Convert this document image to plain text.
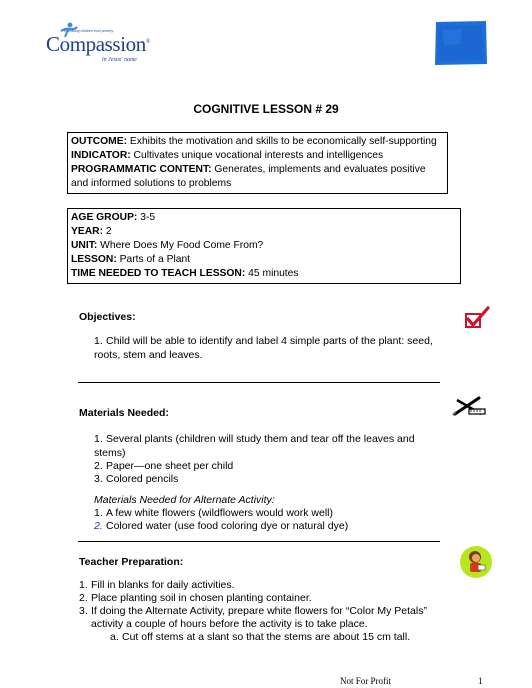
Releasing children from poverty
Compassion®
in Jesus' name
COGNITIVE LESSON # 29
OUTCOME: Exhibits the motivation and skills to be economically self-supporting
INDICATOR: Cultivates unique vocational interests and intelligences
PROGRAMMATIC CONTENT: Generates, implements and evaluates positive
and informed solutions to problems
AGE GROUP: 3-5
YEAR: 2
UNIT: Where Does My Food Come From?
LESSON: Parts of a Plant
TIME NEEDED TO TEACH LESSON: 45 minutes
Objectives:
1. Child will be able to identify and label 4 simple parts of the plant: seed,
roots, stem and leaves.
Materials Needed:
1. Several plants (children will study them and tear off the leaves and
stems)
2. Paper—one sheet per child
3. Colored pencils
Materials Needed for Alternate Activity:
1. A few white flowers (wildflowers would work well)
2. Colored water (use food coloring dye or natural dye)
Teacher Preparation:
1. Fill in blanks for daily activities.
2. Place planting soil in chosen planting container.
3. If doing the Alternate Activity, prepare white flowers for “Color My Petals”
activity a couple of hours before the activity is to take place.
a. Cut off stems at a slant so that the stems are about 15 cm tall.
Not For Profit	1
